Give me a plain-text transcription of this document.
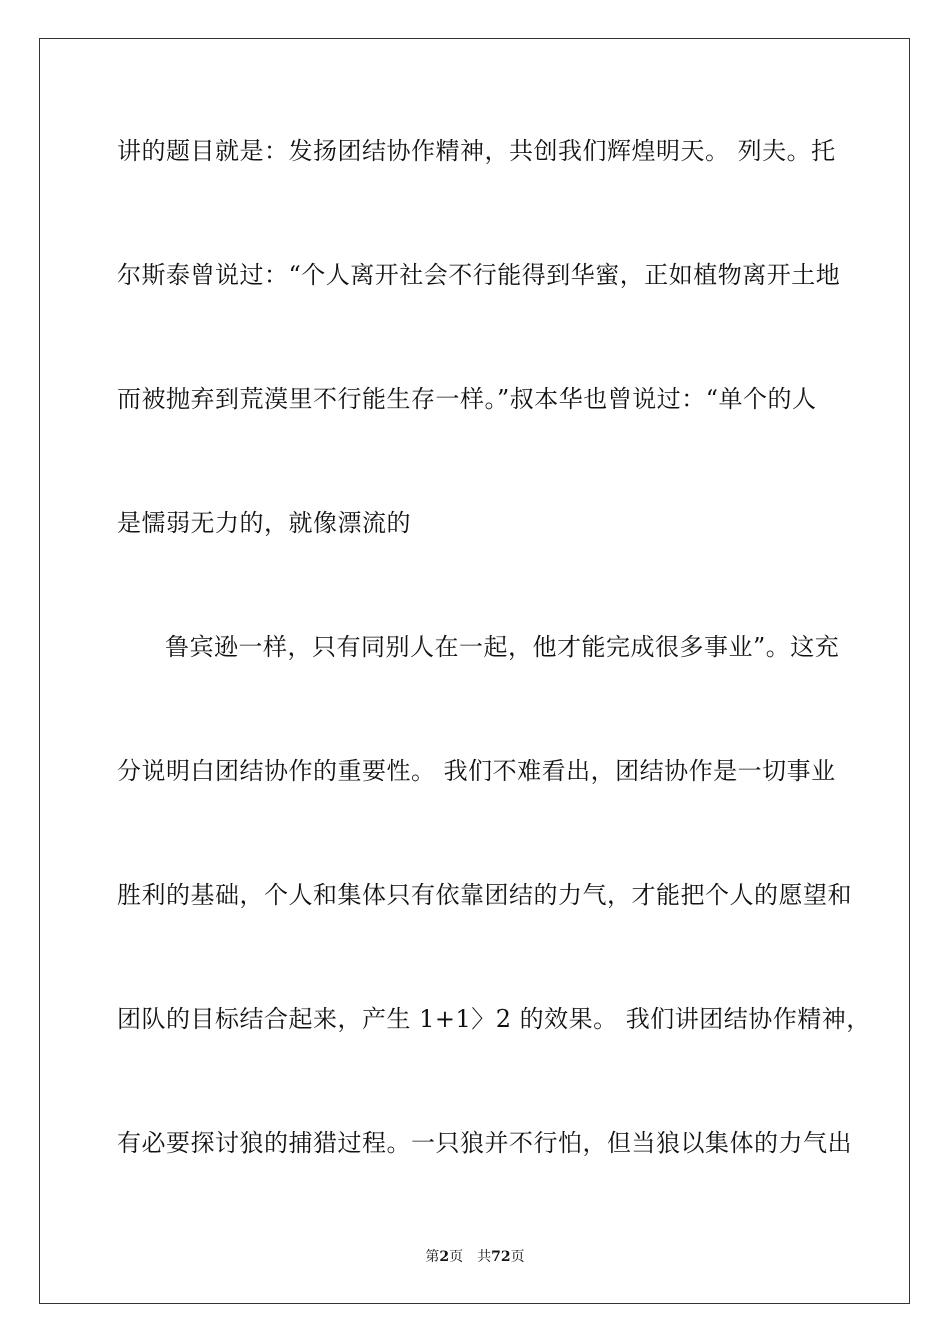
讲的题目就是：发扬团结协作精神，共创我们辉煌明天。 列夫。托
尔斯泰曾说过：“个人离开社会不行能得到华蜜，正如植物离开土地
而被抛弃到荒漠里不行能生存一样。”叔本华也曾说过：“单个的人
是懦弱无力的，就像漂流的
鲁宾逊一样，只有同别人在一起，他才能完成很多事业”。这充
分说明白团结协作的重要性。 我们不难看出，团结协作是一切事业
胜利的基础，个人和集体只有依靠团结的力气，才能把个人的愿望和
团队的目标结合起来，产生 1+1〉2 的效果。 我们讲团结协作精神，
有必要探讨狼的捕猎过程。一只狼并不行怕，但当狼以集体的力气出
第2页 共72页
